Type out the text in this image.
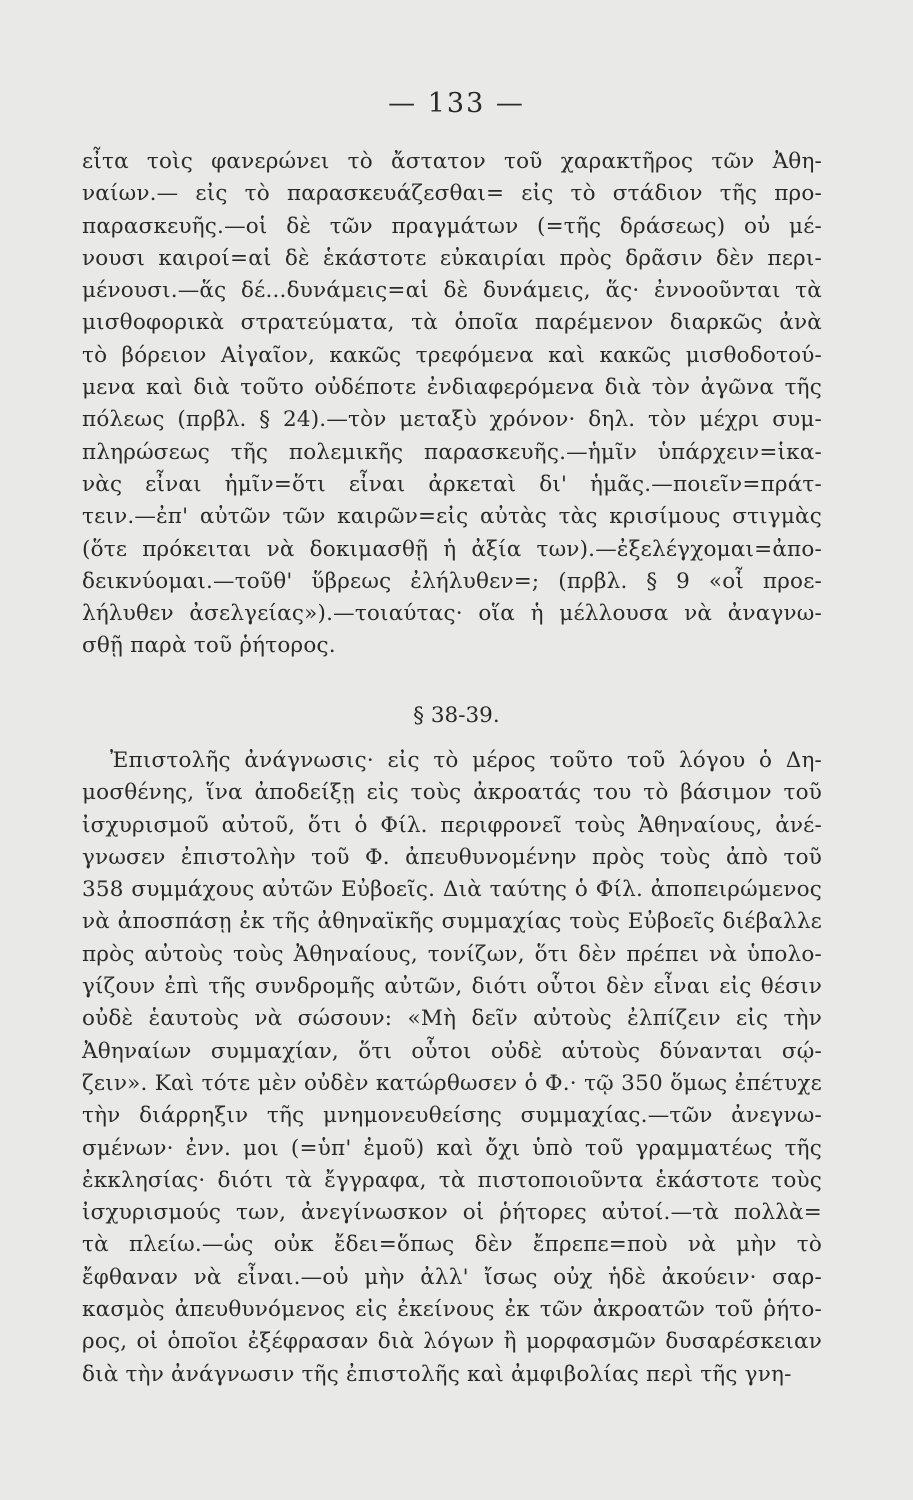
— 133 —
εἶτα τοὶς φανερώνει τὸ ἄστατον τοῦ χαρακτῆρος τῶν Ἀθη-
ναίων.— εἰς τὸ παρασκευάζεσθαι= εἰς τὸ στάδιον τῆς προ-
παρασκευῆς.—οἱ δὲ τῶν πραγμάτων (=τῆς δράσεως) οὐ μέ-
νουσι καιροί=αἱ δὲ ἑκάστοτε εὐκαιρίαι πρὸς δρᾶσιν δὲν περι-
μένουσι.—ἅς δέ...δυνάμεις=αἱ δὲ δυνάμεις, ἅς· ἐννοοῦνται τὰ
μισθοφορικὰ στρατεύματα, τὰ ὁποῖα παρέμενον διαρκῶς ἀνὰ
τὸ βόρειον Αἰγαῖον, κακῶς τρεφόμενα καὶ κακῶς μισθοδοτού-
μενα καὶ διὰ τοῦτο οὐδέποτε ἐνδιαφερόμενα διὰ τὸν ἀγῶνα τῆς
πόλεως (πρβλ. § 24).—τὸν μεταξὺ χρόνον· δηλ. τὸν μέχρι συμ-
πληρώσεως τῆς πολεμικῆς παρασκευῆς.—ἡμῖν ὑπάρχειν=ἱκα-
νὰς εἶναι ἡμῖν=ὅτι εἶναι ἀρκεταὶ δι' ἡμᾶς.—ποιεῖν=πράτ-
τειν.—ἐπ' αὐτῶν τῶν καιρῶν=εἰς αὐτὰς τὰς κρισίμους στιγμὰς
(ὅτε πρόκειται νὰ δοκιμασθῇ ἡ ἀξία των).—ἐξελέγχομαι=ἀπο-
δεικνύομαι.—τοῦθ' ὕβρεως ἐλήλυθεν=; (πρβλ. § 9 «οἷ προε-
λήλυθεν ἀσελγείας»).—τοιαύτας· οἵα ἡ μέλλουσα νὰ ἀναγνω-
σθῇ παρὰ τοῦ ῥήτορος.
§ 38-39.
Ἐπιστολῆς ἀνάγνωσις· εἰς τὸ μέρος τοῦτο τοῦ λόγου ὁ Δη-
μοσθένης, ἵνα ἀποδείξῃ εἰς τοὺς ἀκροατάς του τὸ βάσιμον τοῦ
ἰσχυρισμοῦ αὐτοῦ, ὅτι ὁ Φίλ. περιφρονεῖ τοὺς Ἀθηναίους, ἀνέ-
γνωσεν ἐπιστολὴν τοῦ Φ. ἀπευθυνομένην πρὸς τοὺς ἀπὸ τοῦ
358 συμμάχους αὐτῶν Εὐβοεῖς. Διὰ ταύτης ὁ Φίλ. ἀποπειρώμενος
νὰ ἀποσπάσῃ ἐκ τῆς ἀθηναϊκῆς συμμαχίας τοὺς Εὐβοεῖς διέβαλλε
πρὸς αὐτοὺς τοὺς Ἀθηναίους, τονίζων, ὅτι δὲν πρέπει νὰ ὑπολο-
γίζουν ἐπὶ τῆς συνδρομῆς αὐτῶν, διότι οὗτοι δὲν εἶναι εἰς θέσιν
οὐδὲ ἑαυτοὺς νὰ σώσουν: «Μὴ δεῖν αὐτοὺς ἐλπίζειν εἰς τὴν
Ἀθηναίων συμμαχίαν, ὅτι οὗτοι οὐδὲ αὑτοὺς δύνανται σῴ-
ζειν». Καὶ τότε μὲν οὐδὲν κατώρθωσεν ὁ Φ.· τῷ 350 ὅμως ἐπέτυχε
τὴν διάρρηξιν τῆς μνημονευθείσης συμμαχίας.—τῶν ἀνεγνω-
σμένων· ἐνν. μοι (=ὑπ' ἐμοῦ) καὶ ὄχι ὑπὸ τοῦ γραμματέως τῆς
ἐκκλησίας· διότι τὰ ἔγγραφα, τὰ πιστοποιοῦντα ἑκάστοτε τοὺς
ἰσχυρισμούς των, ἀνεγίνωσκον οἱ ῥήτορες αὐτοί.—τὰ πολλὰ=
τὰ πλείω.—ὡς οὐκ ἔδει=ὅπως δὲν ἔπρεπε=ποὺ νὰ μὴν τὸ
ἔφθαναν νὰ εἶναι.—οὐ μὴν ἀλλ' ἴσως οὐχ ἡδὲ ἀκούειν· σαρ-
κασμὸς ἀπευθυνόμενος εἰς ἐκείνους ἐκ τῶν ἀκροατῶν τοῦ ῥήτο-
ρος, οἱ ὁποῖοι ἐξέφρασαν διὰ λόγων ἢ μορφασμῶν δυσαρέσκειαν
διὰ τὴν ἀνάγνωσιν τῆς ἐπιστολῆς καὶ ἀμφιβολίας περὶ τῆς γνη-
